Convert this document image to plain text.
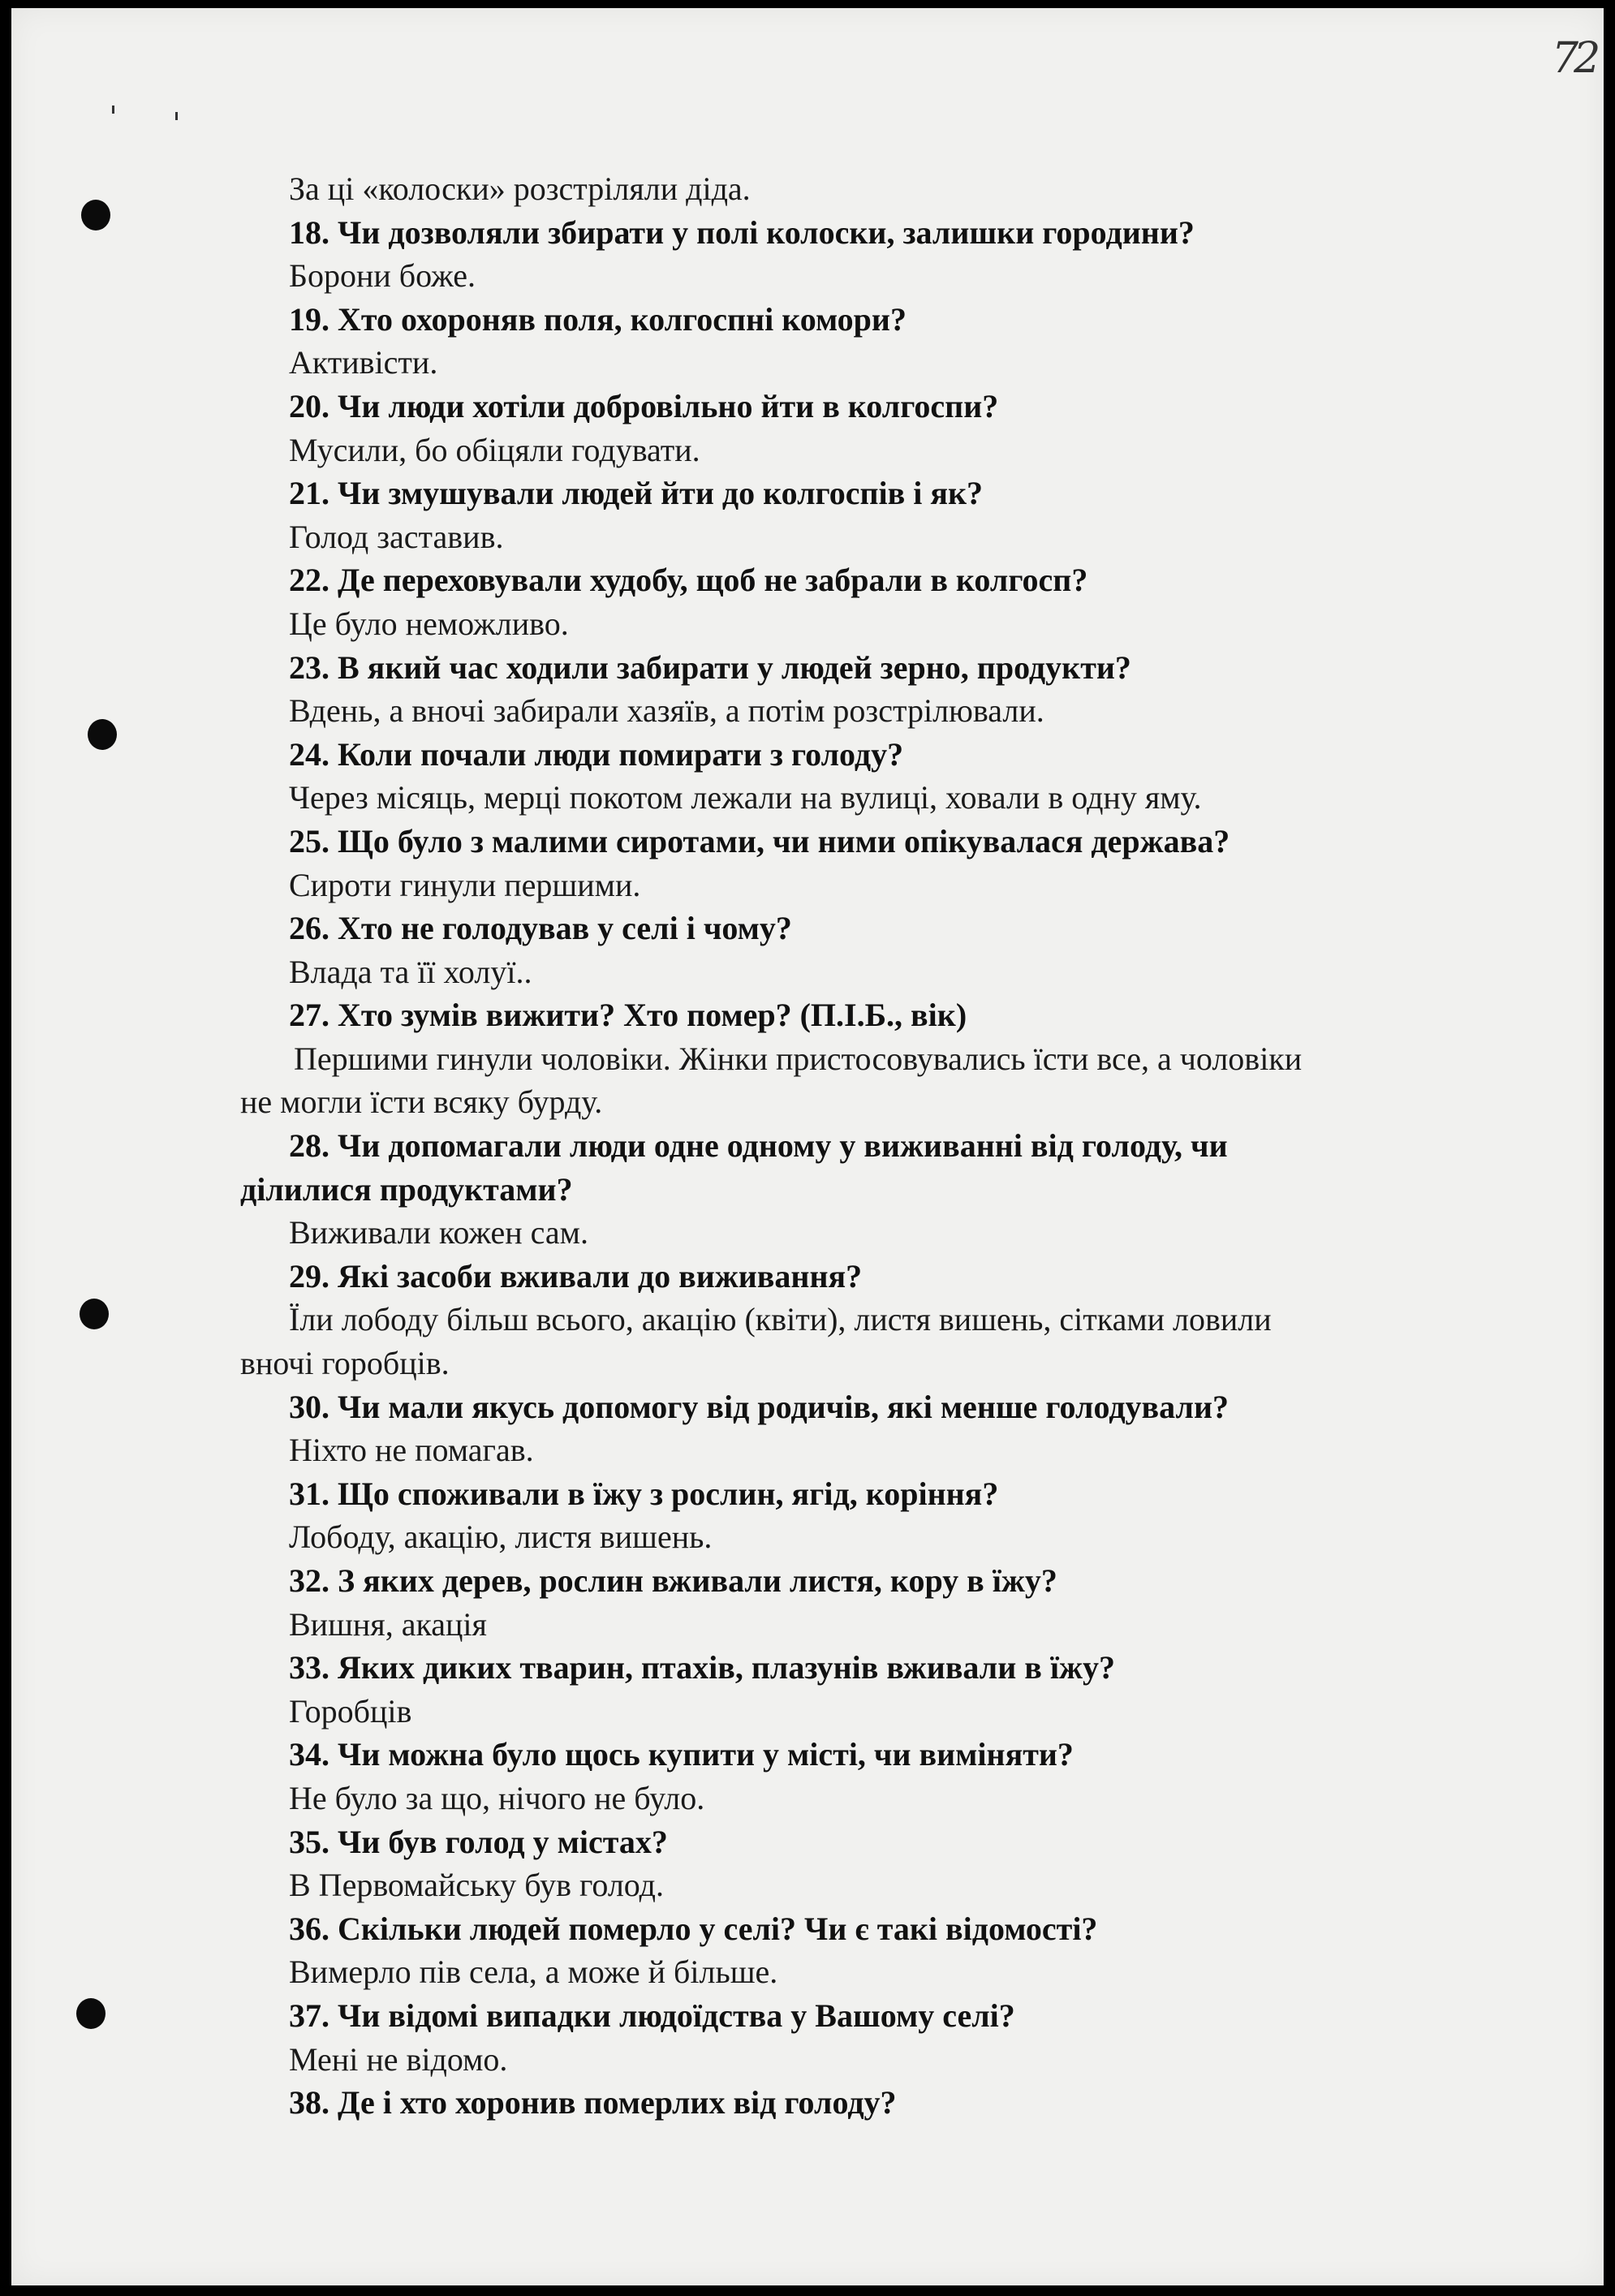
72
За ці «колоски» розстріляли діда.
18. Чи дозволяли збирати у полі колоски, залишки городини?
Борони боже.
19. Хто охороняв поля, колгоспні комори?
Активісти.
20. Чи люди хотіли добровільно йти в колгоспи?
Мусили, бо обіцяли годувати.
21. Чи змушували людей йти до колгоспів і як?
Голод заставив.
22. Де переховували худобу, щоб не забрали в колгосп?
Це було неможливо.
23. В який час ходили забирати у людей зерно, продукти?
Вдень, а вночі забирали хазяїв, а потім розстрілювали.
24. Коли почали люди помирати з голоду?
Через місяць, мерці покотом лежали на вулиці, ховали в одну яму.
25. Що було з малими сиротами, чи ними опікувалася держава?
Сироти гинули першими.
26. Хто не голодував у селі і чому?
Влада та її холуї..
27. Хто зумів вижити? Хто помер? (П.І.Б., вік)
Першими гинули чоловіки. Жінки пристосовувались їсти все, а чоловіки
не могли їсти всяку бурду.
28. Чи допомагали люди одне одному у виживанні від голоду, чи
ділилися продуктами?
Виживали кожен сам.
29. Які засоби вживали до виживання?
Їли лободу більш всього, акацію (квіти), листя вишень, сітками ловили
вночі горобців.
30. Чи мали якусь допомогу від родичів, які менше голодували?
Ніхто не помагав.
31. Що споживали в їжу з рослин, ягід, коріння?
Лободу, акацію, листя вишень.
32. З яких дерев, рослин вживали листя, кору в їжу?
Вишня, акація
33. Яких диких тварин, птахів, плазунів вживали в їжу?
Горобців
34. Чи можна було щось купити у місті, чи виміняти?
Не було за що, нічого не було.
35. Чи був голод у містах?
В Первомайську був голод.
36. Скільки людей померло у селі? Чи є такі відомості?
Вимерло пів села, а може й більше.
37. Чи відомі випадки людоїдства у Вашому селі?
Мені не відомо.
38. Де і хто хоронив померлих від голоду?
